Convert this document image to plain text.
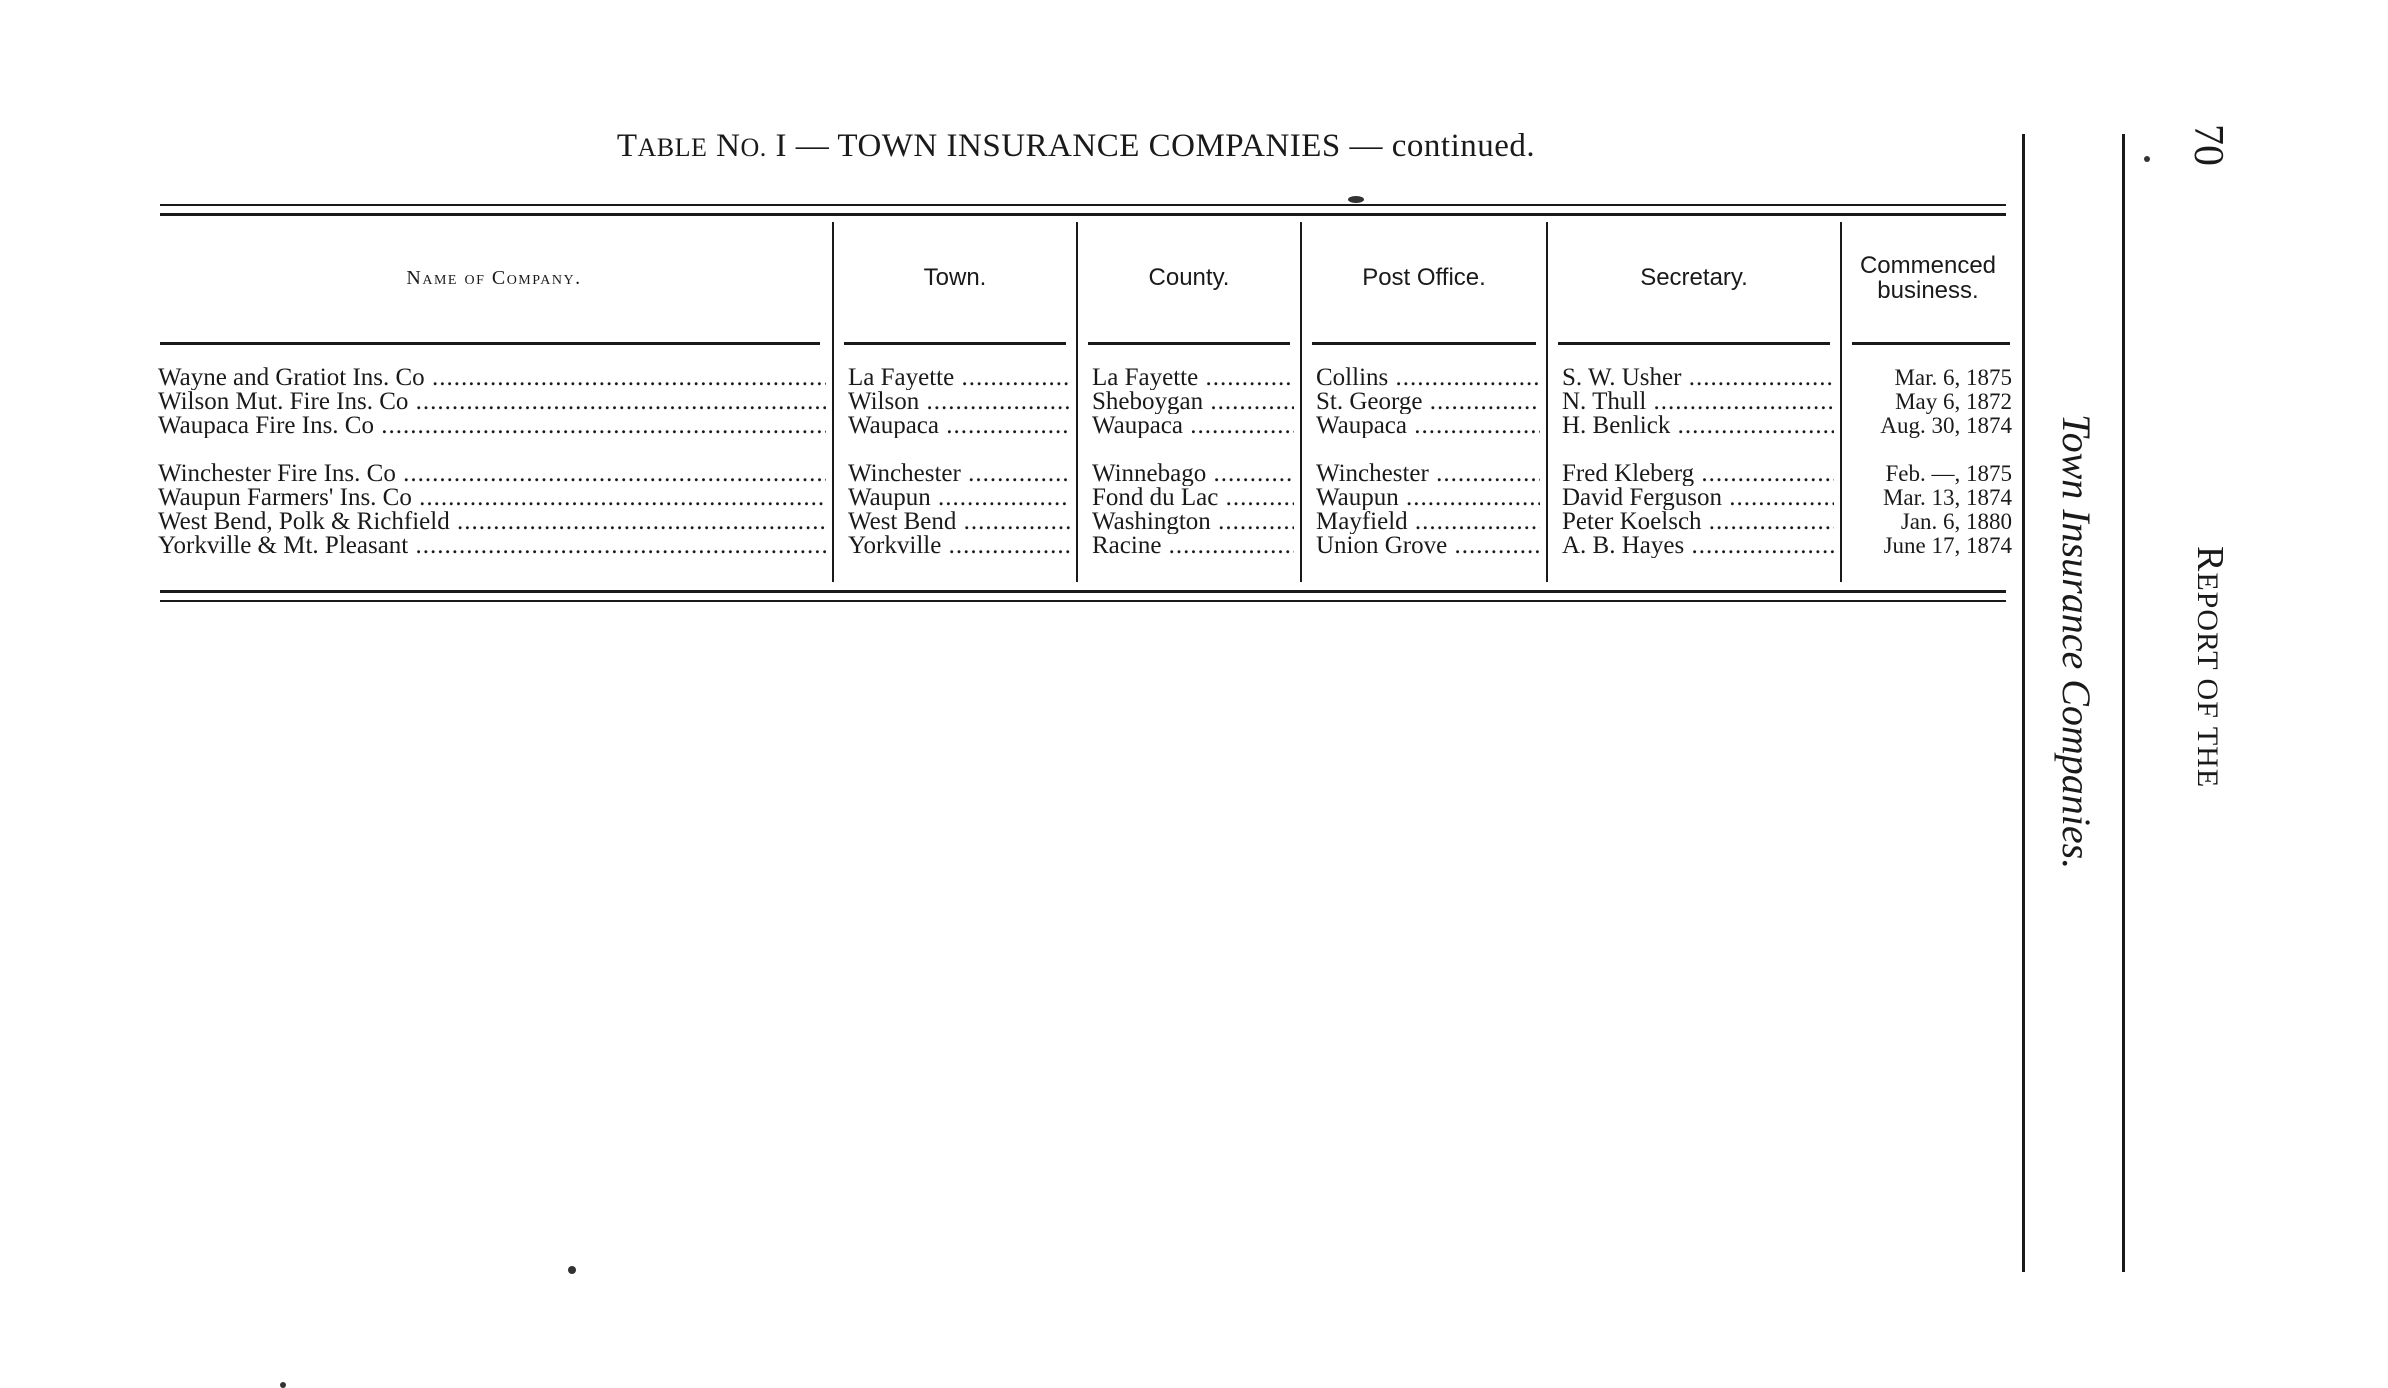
TABLE NO. I — TOWN INSURANCE COMPANIES — continued.
Name of Company.	Town.	County.	Post Office.	Secretary.	Commenced
business.
Wayne and Gratiot Ins. Co .....	La Fayette .....	La Fayette .....	Collins .....	S. W. Usher .....	Mar. 6, 1875
Wilson Mut. Fire Ins. Co .....	Wilson .....	Sheboygan .....	St. George .....	N. Thull .....	May 6, 1872
Waupaca Fire Ins. Co .....	Waupaca .....	Waupaca .....	Waupaca .....	H. Benlick .....	Aug. 30, 1874
Winchester Fire Ins. Co .....	Winchester .....	Winnebago .....	Winchester .....	Fred Kleberg .....	Feb. —, 1875
Waupun Farmers' Ins. Co .....	Waupun .....	Fond du Lac .....	Waupun .....	David Ferguson .....	Mar. 13, 1874
West Bend, Polk & Richfield .....	West Bend .....	Washington .....	Mayfield .....	Peter Koelsch .....	Jan. 6, 1880
Yorkville & Mt. Pleasant .....	Yorkville .....	Racine .....	Union Grove .....	A. B. Hayes .....	June 17, 1874 Town Insurance Companies. REPORT OF THE
70
